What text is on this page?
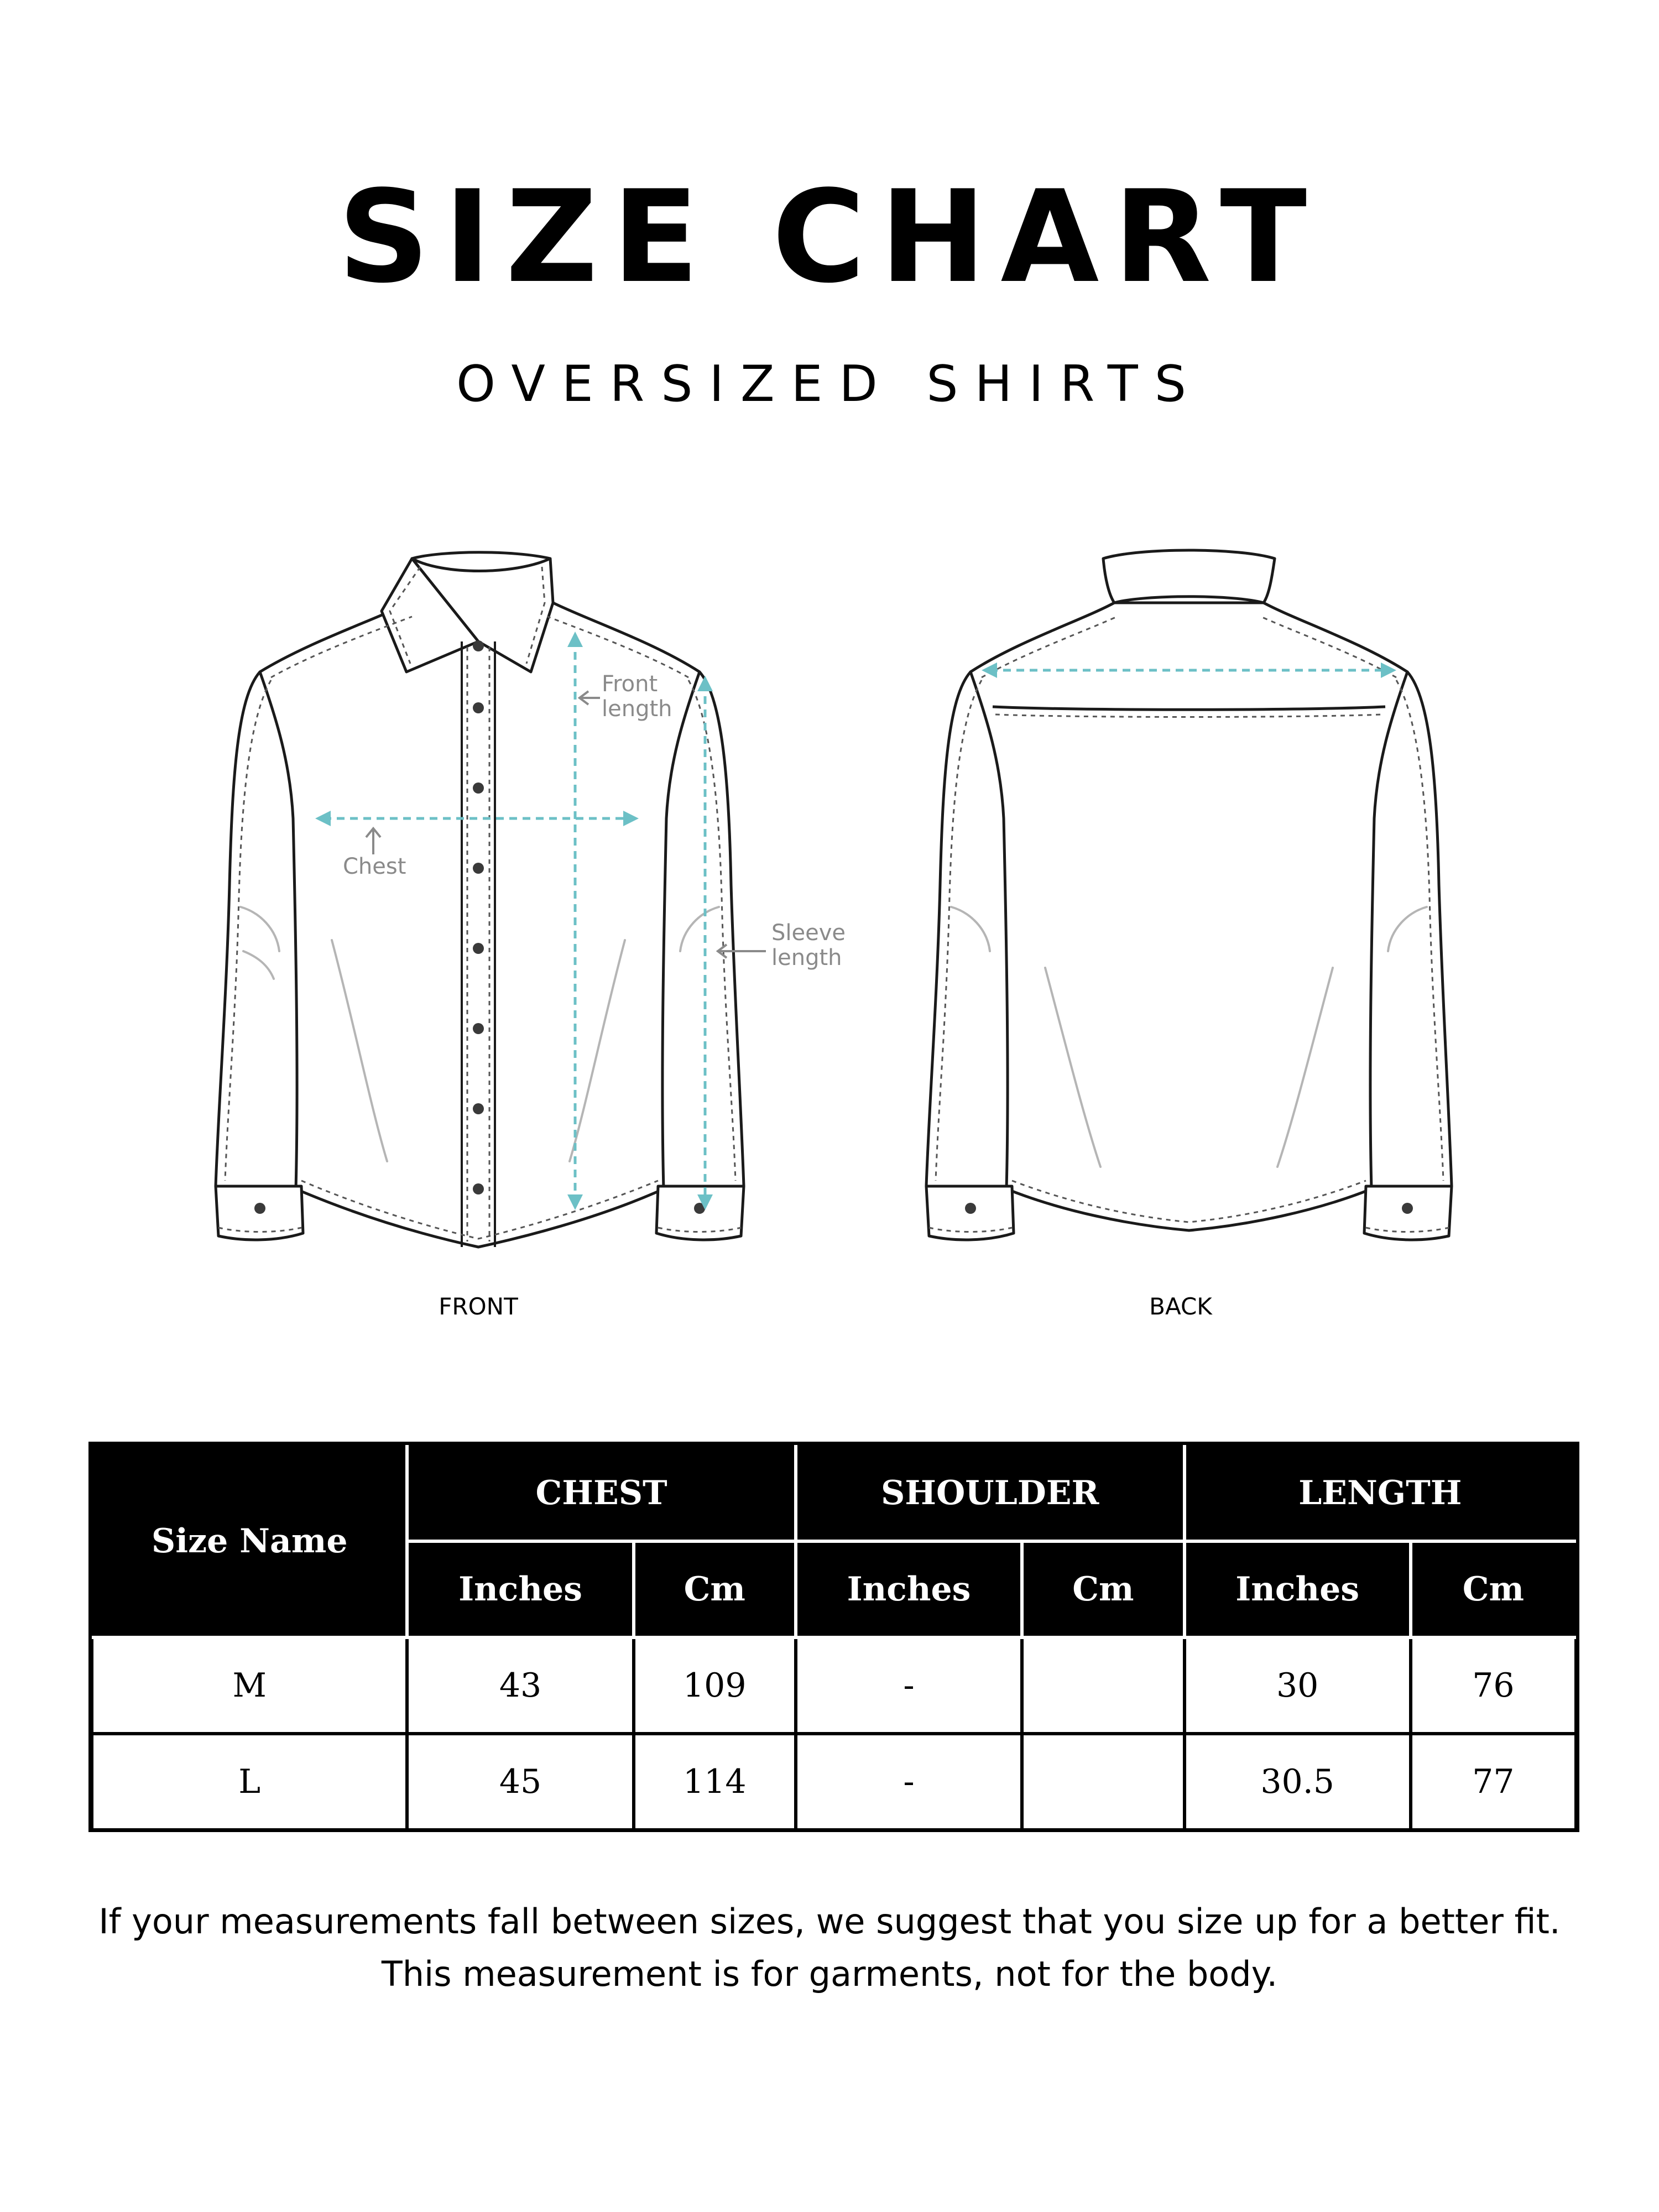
SIZE CHART
OVERSIZED SHIRTS
Front
length
Chest
Sleeve
length
FRONT	BACK
Size Name	CHEST		SHOULDER		LENGTH	
	Inches	Cm	Inches	Cm	Inches	Cm
M	43	109	-		30	76
L	45	114	-		30.5	77
If your measurements fall between sizes, we suggest that you size up for a better fit.
This measurement is for garments, not for the body.
